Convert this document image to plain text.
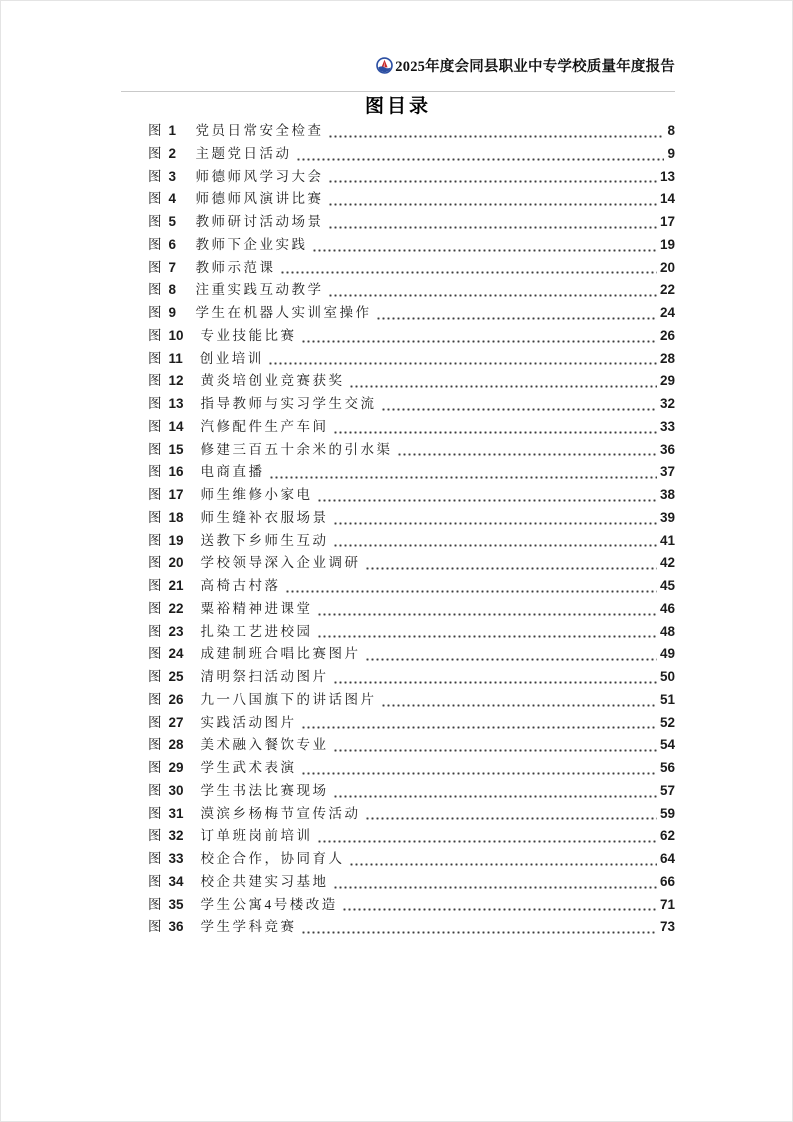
2025年度会同县职业中专学校质量年度报告
图目录
图 1 党员日常安全检查	8
图 2 主题党日活动	9
图 3 师德师风学习大会	13
图 4 师德师风演讲比赛	14
图 5 教师研讨活动场景	17
图 6 教师下企业实践	19
图 7 教师示范课	20
图 8 注重实践互动教学	22
图 9 学生在机器人实训室操作	24
图 10 专业技能比赛	26
图 11 创业培训	28
图 12 黄炎培创业竞赛获奖	29
图 13 指导教师与实习学生交流	32
图 14 汽修配件生产车间	33
图 15 修建三百五十余米的引水渠	36
图 16 电商直播	37
图 17 师生维修小家电	38
图 18 师生缝补衣服场景	39
图 19 送教下乡师生互动	41
图 20 学校领导深入企业调研	42
图 21 高椅古村落	45
图 22 粟裕精神进课堂	46
图 23 扎染工艺进校园	48
图 24 成建制班合唱比赛图片	49
图 25 清明祭扫活动图片	50
图 26 九一八国旗下的讲话图片	51
图 27 实践活动图片	52
图 28 美术融入餐饮专业	54
图 29 学生武术表演	56
图 30 学生书法比赛现场	57
图 31 漠滨乡杨梅节宣传活动	59
图 32 订单班岗前培训	62
图 33 校企合作，协同育人	64
图 34 校企共建实习基地	66
图 35 学生公寓4号楼改造	71
图 36 学生学科竞赛	73
